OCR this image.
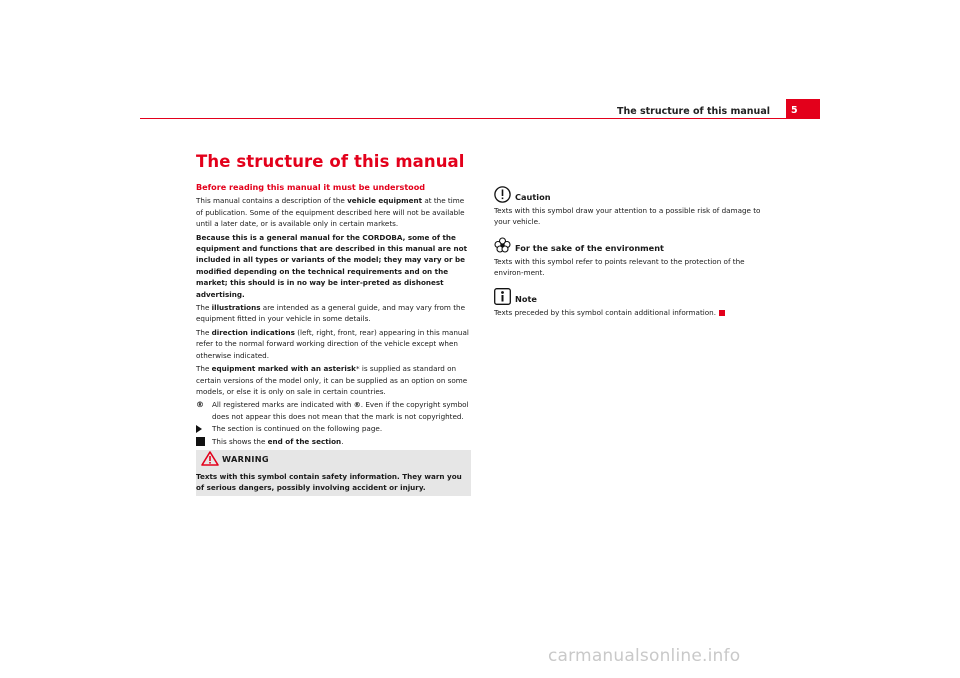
The structure of this manual 5
The structure of this manual
Before reading this manual it must be understood

This manual contains a description of the vehicle equipment at the time of publication. Some of the equipment described here will not be available until a later date, or is available only in certain markets.

Because this is a general manual for the CORDOBA, some of the equipment and functions that are described in this manual are not included in all types or variants of the model; they may vary or be modified depending on the technical requirements and on the market; this should is in no way be inter-preted as dishonest advertising.

The illustrations are intended as a general guide, and may vary from the equipment fitted in your vehicle in some details.

The direction indications (left, right, front, rear) appearing in this manual refer to the normal forward working direction of the vehicle except when otherwise indicated.

The equipment marked with an asterisk* is supplied as standard on certain versions of the model only, it can be supplied as an option on some models, or else it is only on sale in certain countries.

®	All registered marks are indicated with ®. Even if the copyright symbol does not appear this does not mean that the mark is not copyrighted.
The section is continued on the following page.
This shows the end of the section.
WARNING
Texts with this symbol contain safety information. They warn you of serious dangers, possibly involving accident or injury.
Caution

Texts with this symbol draw your attention to a possible risk of damage to your vehicle.

For the sake of the environment

Texts with this symbol refer to points relevant to the protection of the environ-ment.

Note

Texts preceded by this symbol contain additional information.

carmanualsonline.info
